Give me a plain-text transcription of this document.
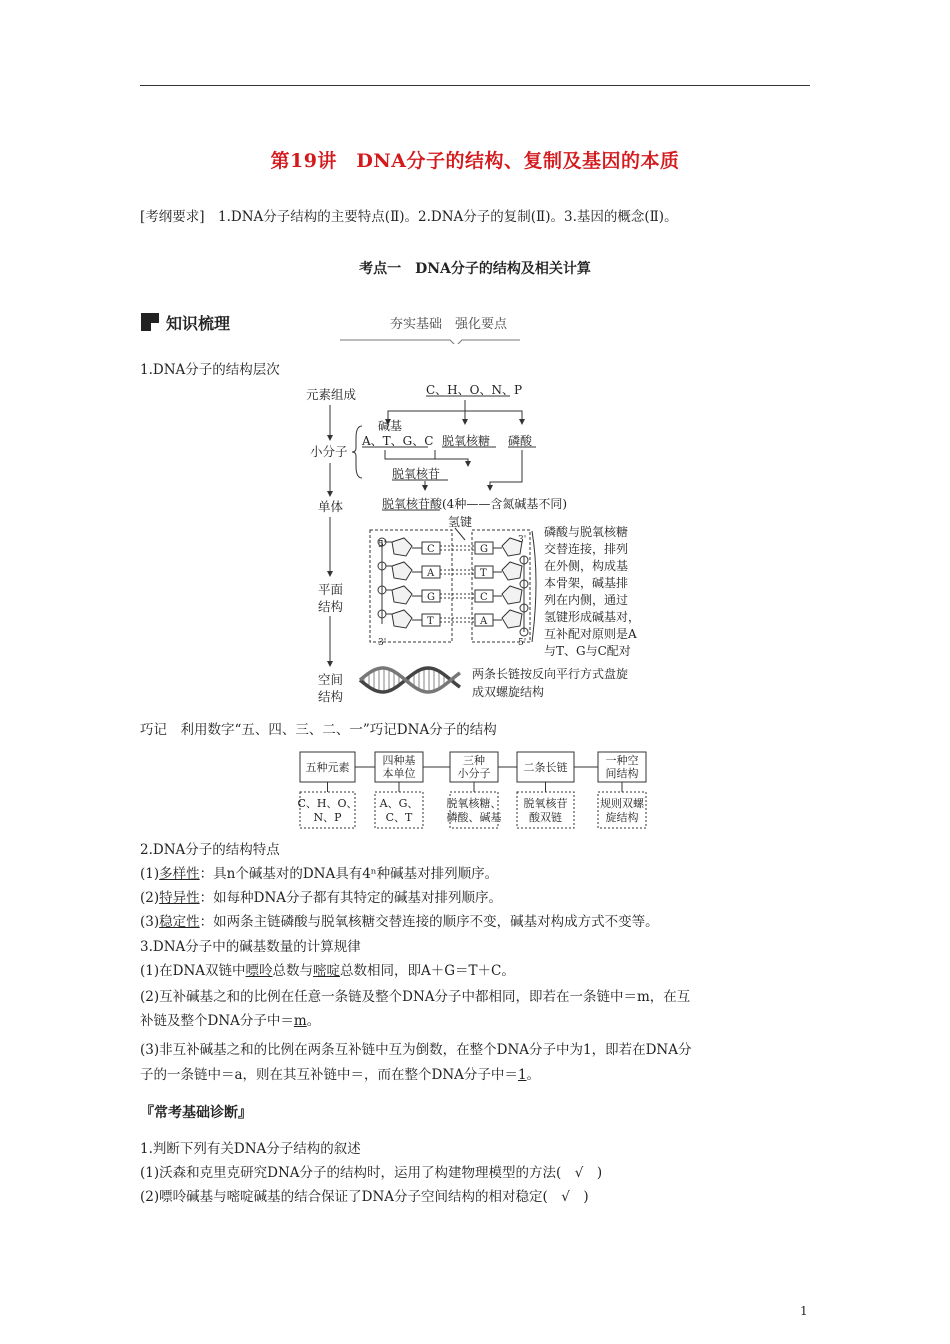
第19讲　DNA分子的结构、复制及基因的本质
[考纲要求]　1.DNA分子结构的主要特点(Ⅱ)。2.DNA分子的复制(Ⅱ)。3.基因的概念(Ⅱ)。
考点一　DNA分子的结构及相关计算
知识梳理	夯实基础　强化要点
1.DNA分子的结构层次
元素组成
小分子
单体
平面
结构
空间
结构
C、H、O、N、P
碱基
A、T、G、C 脱氧核糖 磷酸
脱氧核苷
脱氧核苷酸(4种——含氮碱基不同)
氢键
C	G
A	T
G	C
T	A
5'	3'
3'	5'
磷酸与脱氧核糖
交替连接，排列
在外侧，构成基
本骨架，碱基排
列在内侧，通过
氢键形成碱基对，
互补配对原则是A
与T、G与C配对
两条长链按反向平行方式盘旋
成双螺旋结构
巧记　利用数字“五、四、三、二、一”巧记DNA分子的结构
五种元素
C、H、O、
N、P
四种基
本单位
A、G、
C、T
三种
小分子
脱氧核糖、
磷酸、碱基
二条长链
脱氧核苷
酸双链
一种空
间结构
规则双螺
旋结构
2.DNA分子的结构特点
(1)多样性：具n个碱基对的DNA具有4ⁿ种碱基对排列顺序。
(2)特异性：如每种DNA分子都有其特定的碱基对排列顺序。
(3)稳定性：如两条主链磷酸与脱氧核糖交替连接的顺序不变，碱基对构成方式不变等。
3.DNA分子中的碱基数量的计算规律
(1)在DNA双链中嘌呤总数与嘧啶总数相同，即A＋G＝T＋C。
(2)互补碱基之和的比例在任意一条链及整个DNA分子中都相同，即若在一条链中＝m，在互
补链及整个DNA分子中＝m。
(3)非互补碱基之和的比例在两条互补链中互为倒数，在整个DNA分子中为1，即若在DNA分
子的一条链中＝a，则在其互补链中＝，而在整个DNA分子中＝1。
『常考基础诊断』
1.判断下列有关DNA分子结构的叙述
(1)沃森和克里克研究DNA分子的结构时，运用了构建物理模型的方法(　√　)
(2)嘌呤碱基与嘧啶碱基的结合保证了DNA分子空间结构的相对稳定(　√　)
1
